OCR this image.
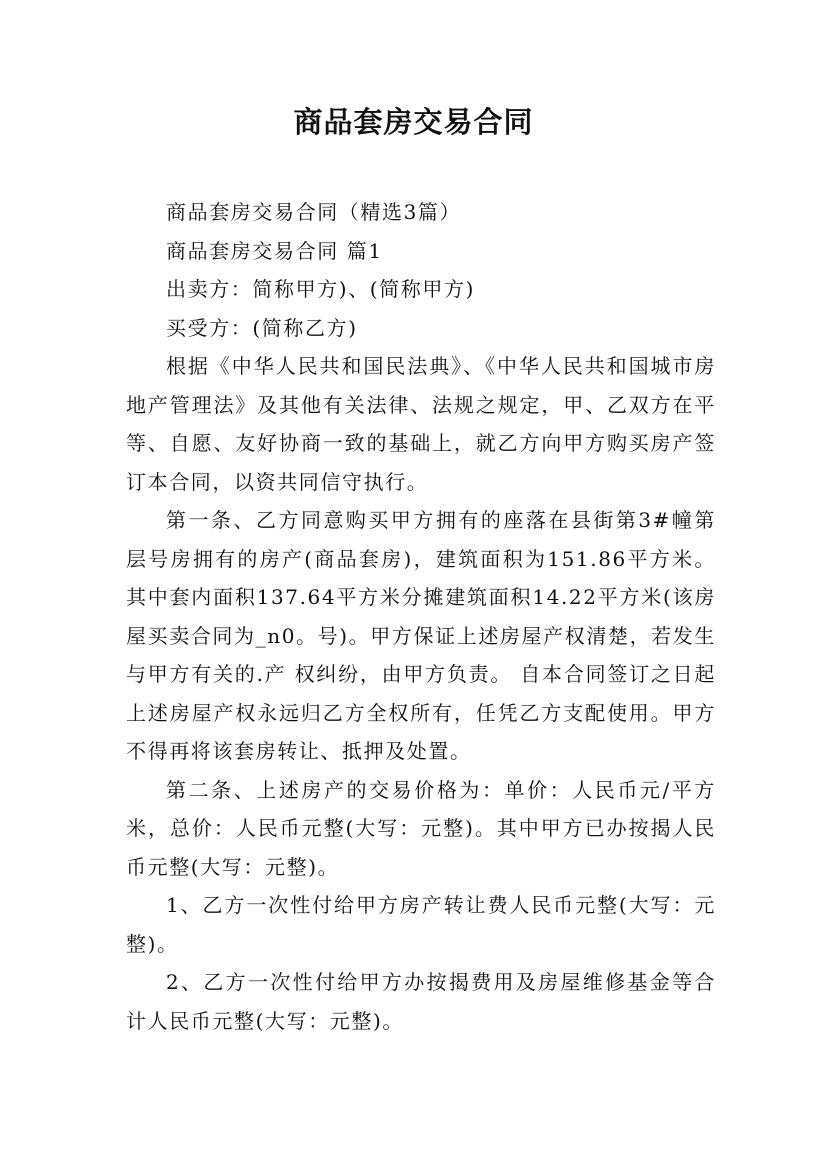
商品套房交易合同

商品套房交易合同（精选3篇）

商品套房交易合同 篇1

出卖方：简称甲方)、(简称甲方)

买受方：(简称乙方)

根据《中华人民共和国民法典》、《中华人民共和国城市房地产管理法》及其他有关法律、法规之规定，甲、乙双方在平等、自愿、友好协商一致的基础上，就乙方向甲方购买房产签订本合同，以资共同信守执行。

第一条、乙方同意购买甲方拥有的座落在县街第3#幢第层号房拥有的房产(商品套房)，建筑面积为151.86平方米。其中套内面积137.64平方米分摊建筑面积14.22平方米(该房屋买卖合同为_n0。号)。甲方保证上述房屋产权清楚，若发生与甲方有关的.产 权纠纷，由甲方负责。 自本合同签订之日起上述房屋产权永远归乙方全权所有，任凭乙方支配使用。甲方不得再将该套房转让、抵押及处置。

第二条、上述房产的交易价格为：单价：人民币元/平方米，总价：人民币元整(大写：元整)。其中甲方已办按揭人民币元整(大写：元整)。

1、乙方一次性付给甲方房产转让费人民币元整(大写：元整)。

2、乙方一次性付给甲方办按揭费用及房屋维修基金等合计人民币元整(大写：元整)。
